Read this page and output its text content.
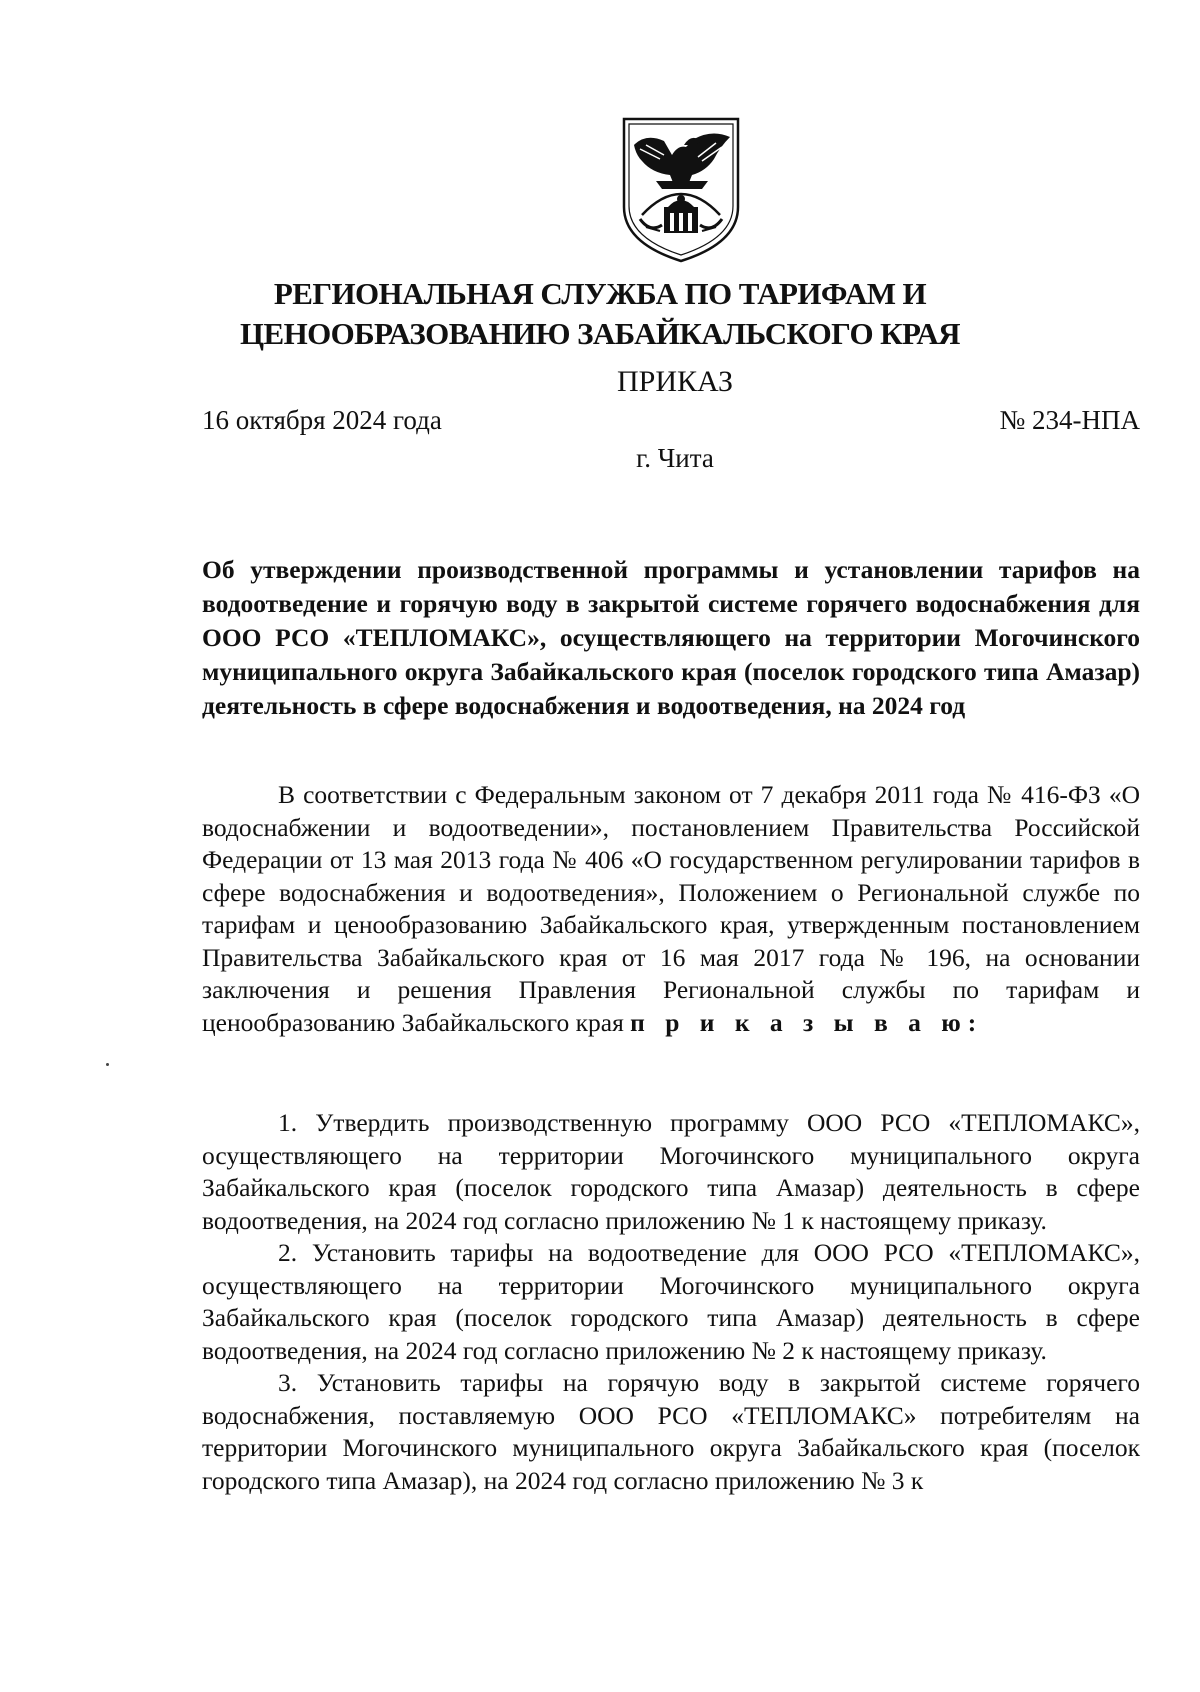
РЕГИОНАЛЬНАЯ СЛУЖБА ПО ТАРИФАМ И
ЦЕНООБРАЗОВАНИЮ ЗАБАЙКАЛЬСКОГО КРАЯ
ПРИКАЗ
16 октября 2024 года	№ 234-НПА
г. Чита
Об утверждении производственной программы и установлении тарифов на водоотведение и горячую воду в закрытой системе горячего водоснабжения для ООО РСО «ТЕПЛОМАКС», осуществляющего на территории Могочинского муниципального округа Забайкальского края (поселок городского типа Амазар) деятельность в сфере водоснабжения и водоотведения, на 2024 год

В соответствии с Федеральным законом от 7 декабря 2011 года № 416-ФЗ «О водоснабжении и водоотведении», постановлением Правительства Российской Федерации от 13 мая 2013 года № 406 «О государственном регулировании тарифов в сфере водоснабжения и водоотведения», Положением о Региональной службе по тарифам и ценообразованию Забайкальского края, утвержденным постановлением Правительства Забайкальского края от 16 мая 2017 года № 196, на основании заключения и решения Правления Региональной службы по тарифам и ценообразованию Забайкальского края п р и к а з ы в а ю:

1. Утвердить производственную программу ООО РСО «ТЕПЛОМАКС», осуществляющего на территории Могочинского муниципального округа Забайкальского края (поселок городского типа Амазар) деятельность в сфере водоотведения, на 2024 год согласно приложению № 1 к настоящему приказу.

2. Установить тарифы на водоотведение для ООО РСО «ТЕПЛОМАКС», осуществляющего на территории Могочинского муниципального округа Забайкальского края (поселок городского типа Амазар) деятельность в сфере водоотведения, на 2024 год согласно приложению № 2 к настоящему приказу.

3. Установить тарифы на горячую воду в закрытой системе горячего водоснабжения, поставляемую ООО РСО «ТЕПЛОМАКС» потребителям на территории Могочинского муниципального округа Забайкальского края (поселок городского типа Амазар), на 2024 год согласно приложению № 3 к
